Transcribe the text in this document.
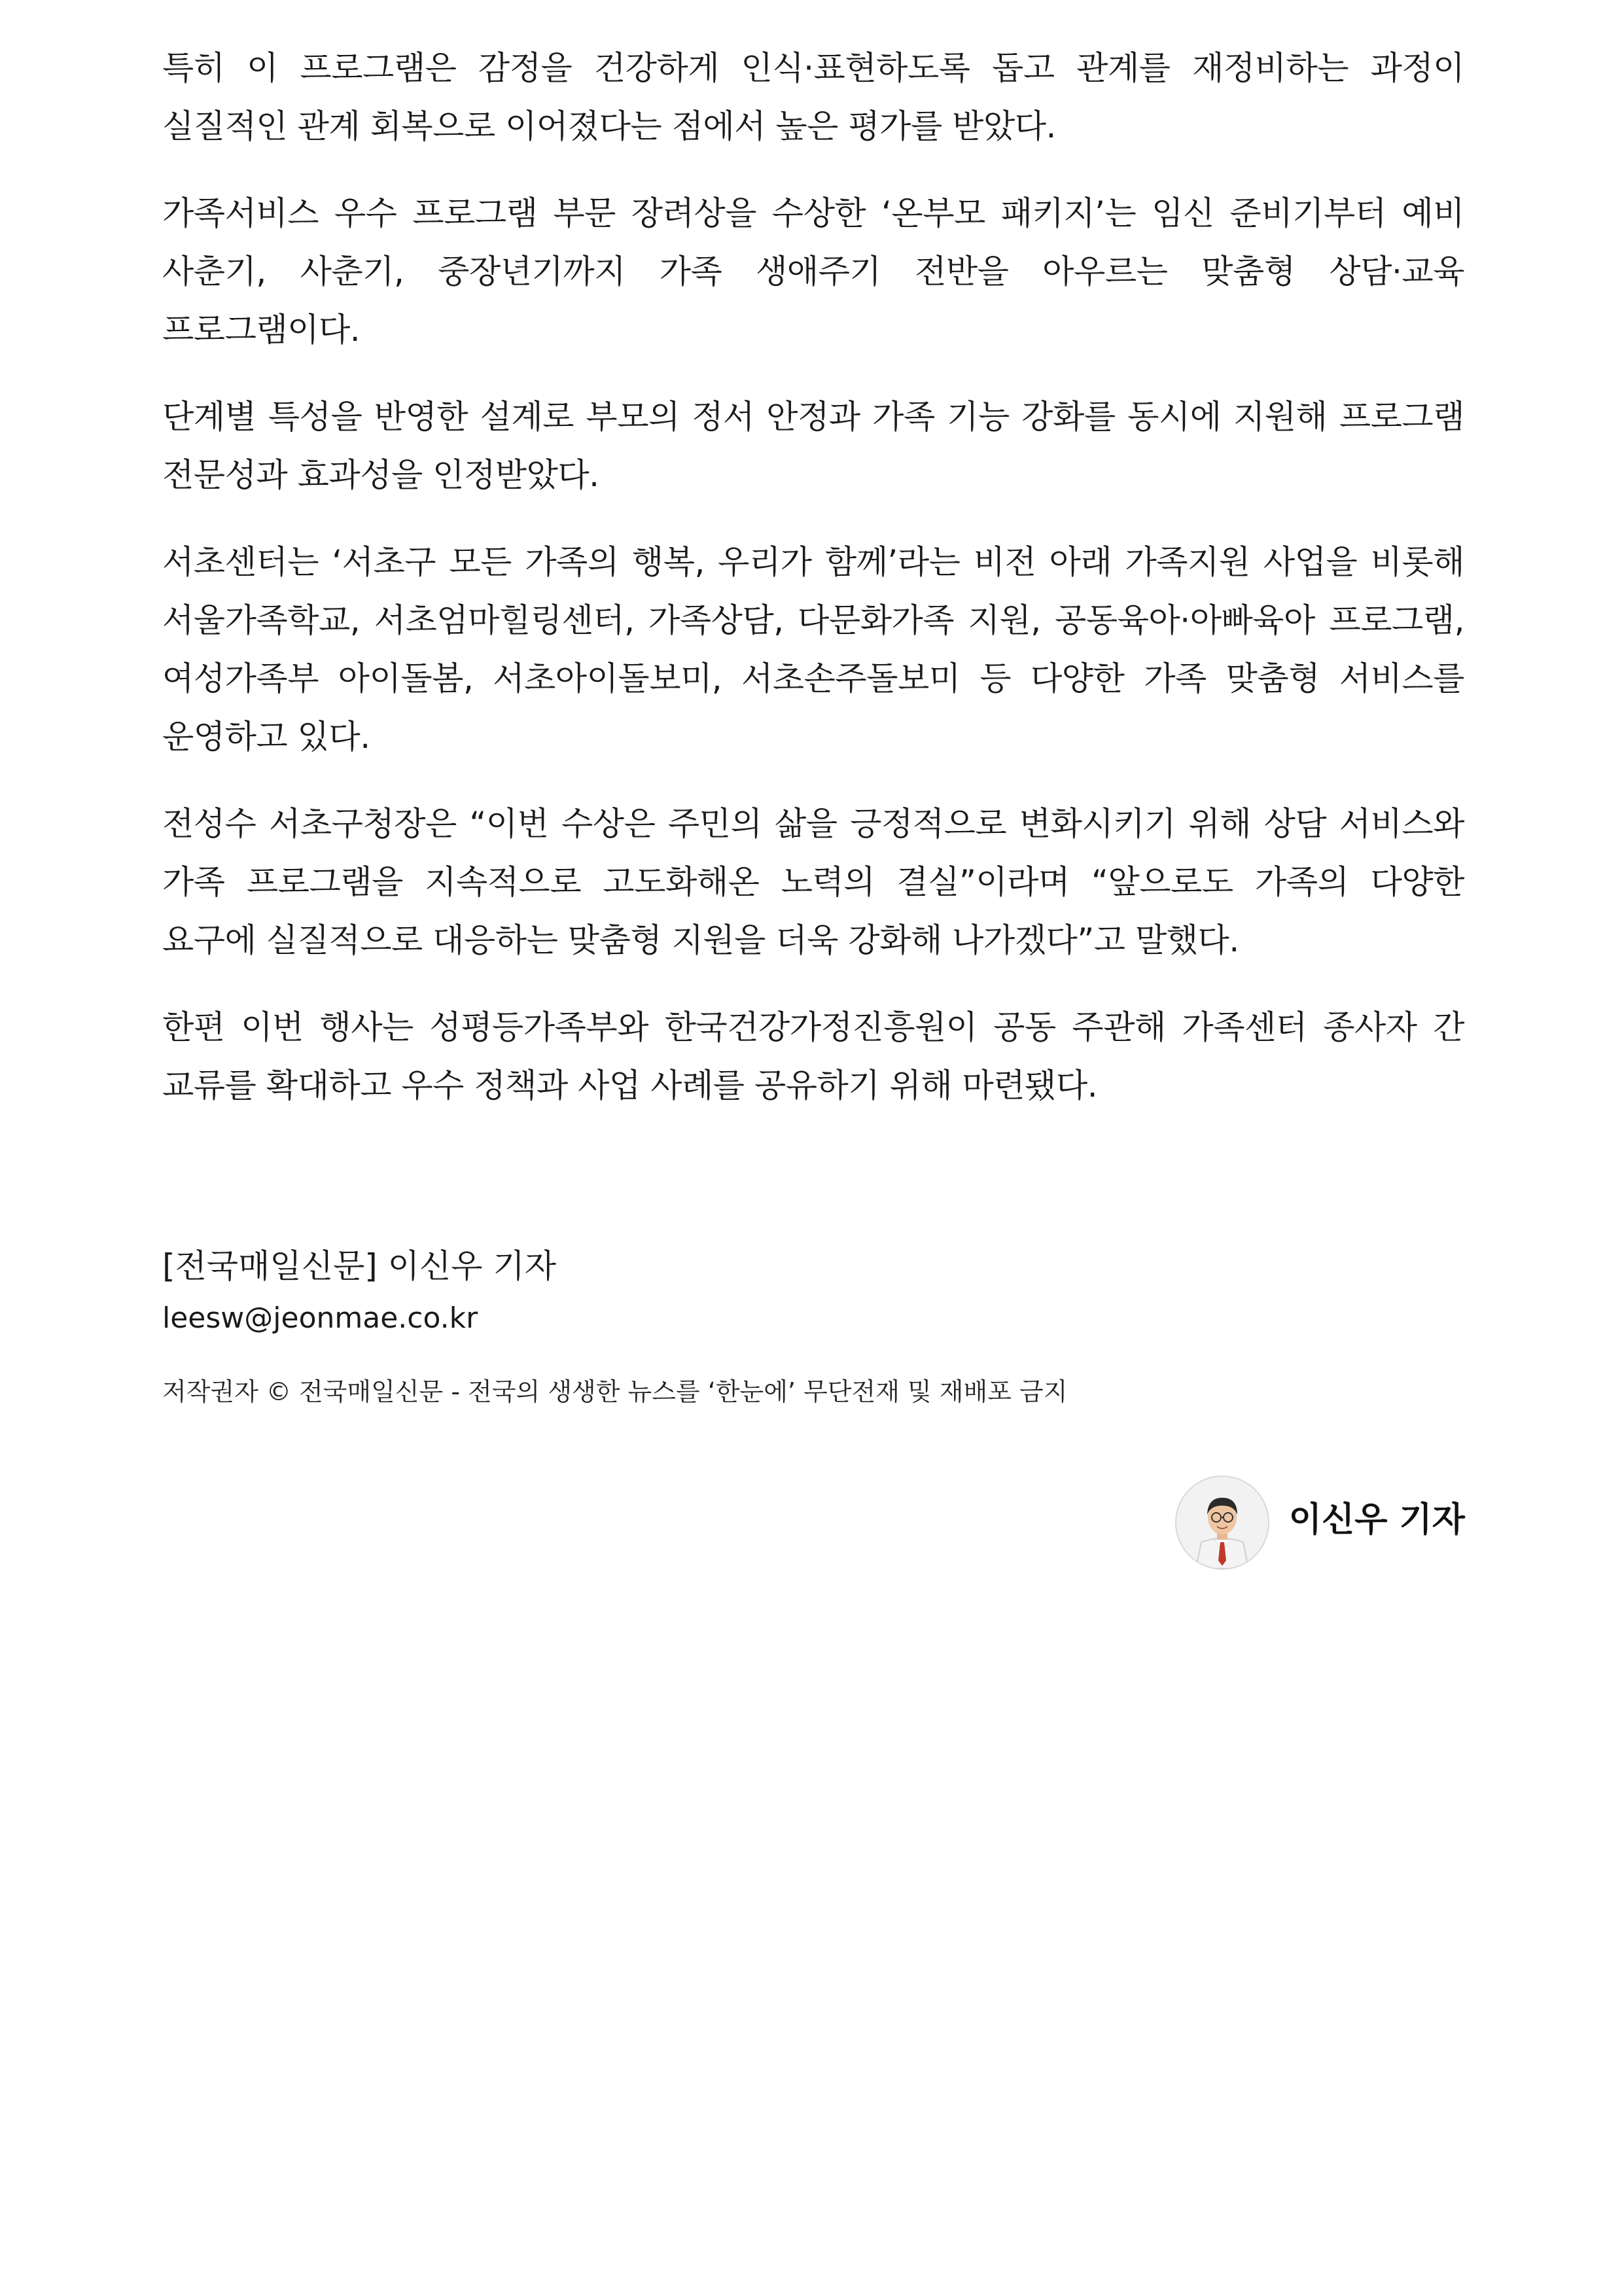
특히 이 프로그램은 감정을 건강하게 인식·표현하도록 돕고 관계를 재정비하는 과정이 실질적인 관계 회복으로 이어졌다는 점에서 높은 평가를 받았다.

가족서비스 우수 프로그램 부문 장려상을 수상한 ‘온부모 패키지’는 임신 준비기부터 예비 사춘기, 사춘기, 중장년기까지 가족 생애주기 전반을 아우르는 맞춤형 상담·교육 프로그램이다.

단계별 특성을 반영한 설계로 부모의 정서 안정과 가족 기능 강화를 동시에 지원해 프로그램 전문성과 효과성을 인정받았다.

서초센터는 ‘서초구 모든 가족의 행복, 우리가 함께’라는 비전 아래 가족지원 사업을 비롯해 서울가족학교, 서초엄마힐링센터, 가족상담, 다문화가족 지원, 공동육아·아빠육아 프로그램, 여성가족부 아이돌봄, 서초아이돌보미, 서초손주돌보미 등 다양한 가족 맞춤형 서비스를 운영하고 있다.

전성수 서초구청장은 “이번 수상은 주민의 삶을 긍정적으로 변화시키기 위해 상담 서비스와 가족 프로그램을 지속적으로 고도화해온 노력의 결실”이라며 “앞으로도 가족의 다양한 요구에 실질적으로 대응하는 맞춤형 지원을 더욱 강화해 나가겠다”고 말했다.

한편 이번 행사는 성평등가족부와 한국건강가정진흥원이 공동 주관해 가족센터 종사자 간 교류를 확대하고 우수 정책과 사업 사례를 공유하기 위해 마련됐다.

[전국매일신문] 이신우 기자

leesw@jeonmae.co.kr

저작권자 © 전국매일신문 - 전국의 생생한 뉴스를 ‘한눈에’ 무단전재 및 재배포 금지

이신우 기자
